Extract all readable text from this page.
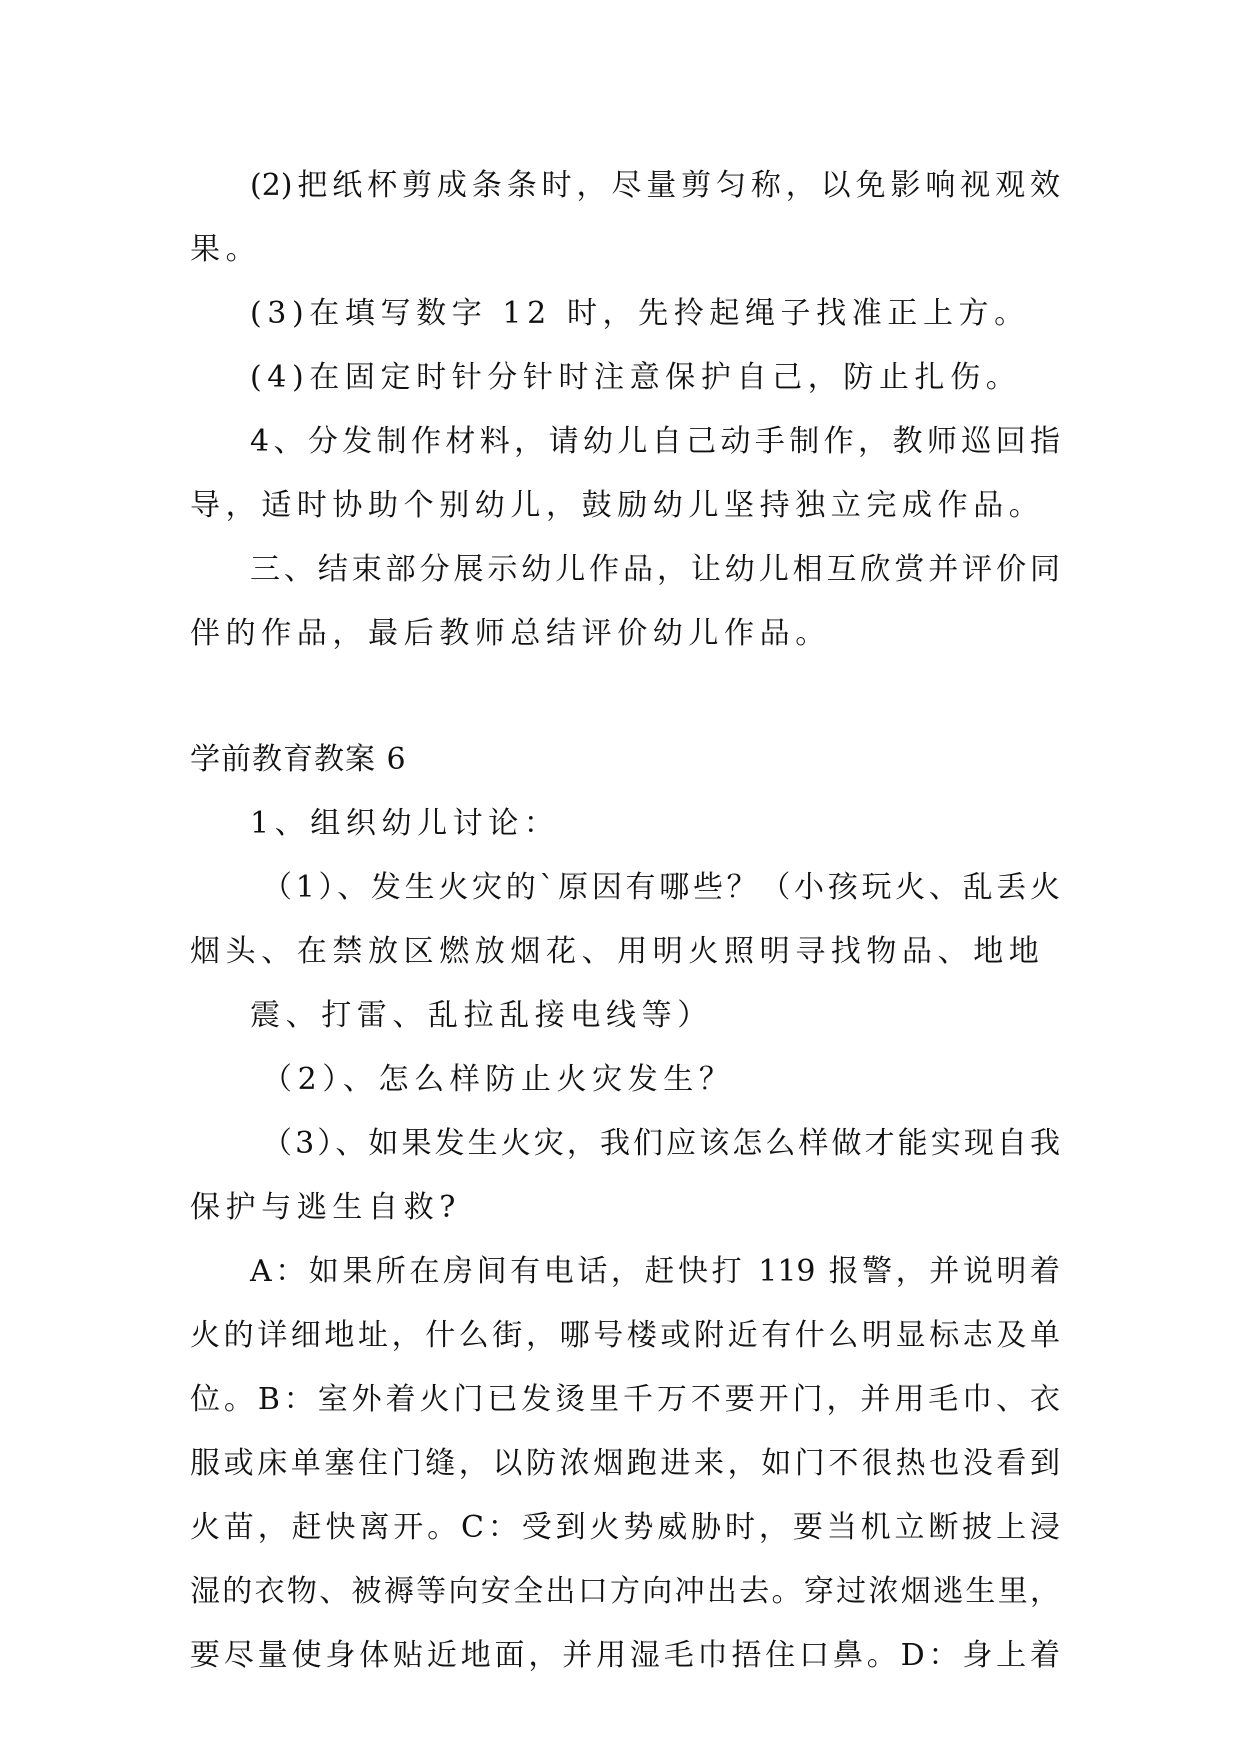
(2)把纸杯剪成条条时，尽量剪匀称，以免影响视观效
果。
(3)在填写数字 12 时，先拎起绳子找准正上方。
(4)在固定时针分针时注意保护自己，防止扎伤。
4、分发制作材料，请幼儿自己动手制作，教师巡回指
导，适时协助个别幼儿，鼓励幼儿坚持独立完成作品。
三、结束部分展示幼儿作品，让幼儿相互欣赏并评价同
伴的作品，最后教师总结评价幼儿作品。
学前教育教案 6
1、组织幼儿讨论：
（1）、发生火灾的`原因有哪些？（小孩玩火、乱丢火
烟头、在禁放区燃放烟花、用明火照明寻找物品、地地
震、打雷、乱拉乱接电线等）
（2）、怎么样防止火灾发生？
（3）、如果发生火灾，我们应该怎么样做才能实现自我
保护与逃生自救?
A：如果所在房间有电话，赶快打 119 报警，并说明着
火的详细地址，什么街，哪号楼或附近有什么明显标志及单
位。B：室外着火门已发烫里千万不要开门，并用毛巾、衣
服或床单塞住门缝，以防浓烟跑进来，如门不很热也没看到
火苗，赶快离开。C：受到火势威胁时，要当机立断披上浸
湿的衣物、被褥等向安全出口方向冲出去。穿过浓烟逃生里，
要尽量使身体贴近地面，并用湿毛巾捂住口鼻。D：身上着
